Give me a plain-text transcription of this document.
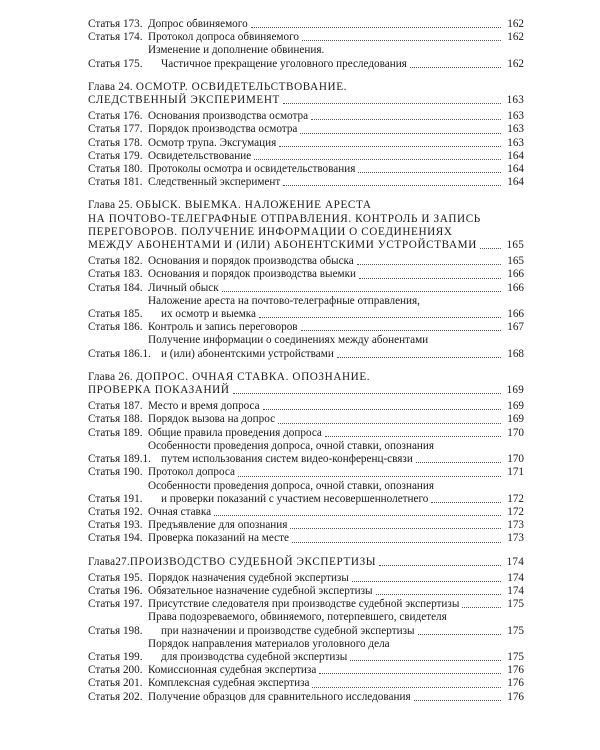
Статья 173. Допрос обвиняемого	162
Статья 174. Протокол допроса обвиняемого	162
Статья 175.
Изменение и дополнение обвинения.
Частичное прекращение уголовного преследования	162
Глава 24. ОСМОТР. ОСВИДЕТЕЛЬСТВОВАНИЕ.
СЛЕДСТВЕННЫЙ ЭКСПЕРИМЕНТ	163
Статья 176. Основания производства осмотра	163
Статья 177. Порядок производства осмотра	163
Статья 178. Осмотр трупа. Эксгумация	163
Статья 179. Освидетельствование	164
Статья 180. Протоколы осмотра и освидетельствования	164
Статья 181. Следственный эксперимент	164
Глава 25. ОБЫСК. ВЫЕМКА. НАЛОЖЕНИЕ АРЕСТА
НА ПОЧТОВО-ТЕЛЕГРАФНЫЕ ОТПРАВЛЕНИЯ. КОНТРОЛЬ И ЗАПИСЬ
ПЕРЕГОВОРОВ. ПОЛУЧЕНИЕ ИНФОРМАЦИИ О СОЕДИНЕНИЯХ
МЕЖДУ АБОНЕНТАМИ И (ИЛИ) АБОНЕНТСКИМИ УСТРОЙСТВАМИ	165
Статья 182. Основания и порядок производства обыска	165
Статья 183. Основания и порядок производства выемки	166
Статья 184. Личный обыск	166
Статья 185.
Наложение ареста на почтово-телеграфные отправления,
их осмотр и выемка	166
Статья 186. Контроль и запись переговоров	167
Статья 186.1.
Получение информации о соединениях между абонентами
и (или) абонентскими устройствами	168
Глава 26. ДОПРОС. ОЧНАЯ СТАВКА. ОПОЗНАНИЕ.
ПРОВЕРКА ПОКАЗАНИЙ	169
Статья 187. Место и время допроса	169
Статья 188. Порядок вызова на допрос	169
Статья 189. Общие правила проведения допроса	170
Статья 189.1.
Особенности проведения допроса, очной ставки, опознания
путем использования систем видео-конференц-связи	170
Статья 190. Протокол допроса	171
Статья 191.
Особенности проведения допроса, очной ставки, опознания
и проверки показаний с участием несовершеннолетнего	172
Статья 192. Очная ставка	172
Статья 193. Предъявление для опознания	173
Статья 194. Проверка показаний на месте	173
Глава 27. ПРОИЗВОДСТВО СУДЕБНОЙ ЭКСПЕРТИЗЫ	174
Статья 195. Порядок назначения судебной экспертизы	174
Статья 196. Обязательное назначение судебной экспертизы	174
Статья 197. Присутствие следователя при производстве судебной экспертизы	175
Статья 198.
Права подозреваемого, обвиняемого, потерпевшего, свидетеля
при назначении и производстве судебной экспертизы	175
Статья 199.
Порядок направления материалов уголовного дела
для производства судебной экспертизы	175
Статья 200. Комиссионная судебная экспертиза	176
Статья 201. Комплексная судебная экспертиза	176
Статья 202. Получение образцов для сравнительного исследования	176
